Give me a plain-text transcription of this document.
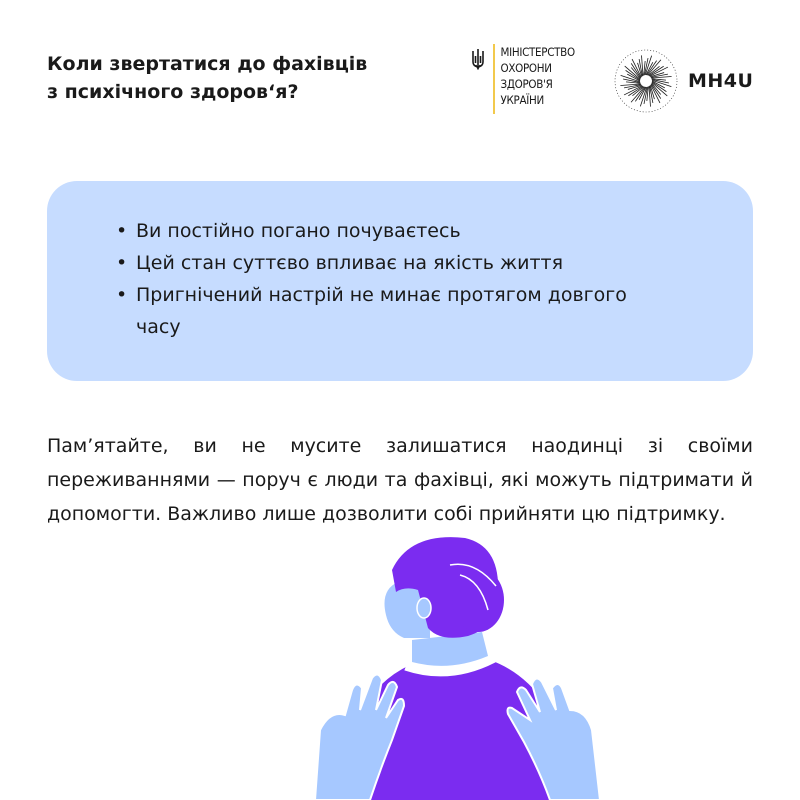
Коли звертатися до фахівців
з психічного здоров‘я?
МІНІСТЕРСТВО
ОХОРОНИ
ЗДОРОВ'Я
УКРАЇНИ
MH4U
• Ви постійно погано почуваєтесь
• Цей стан суттєво впливає на якість життя
• Пригнічений настрій не минає протягом довгого часу
Пам’ятайте, ви не мусите залишатися наодинці зі своїми переживаннями — поруч є люди та фахівці, які можуть підтримати й допомогти. Важливо лише дозволити собі прийняти цю підтримку.
